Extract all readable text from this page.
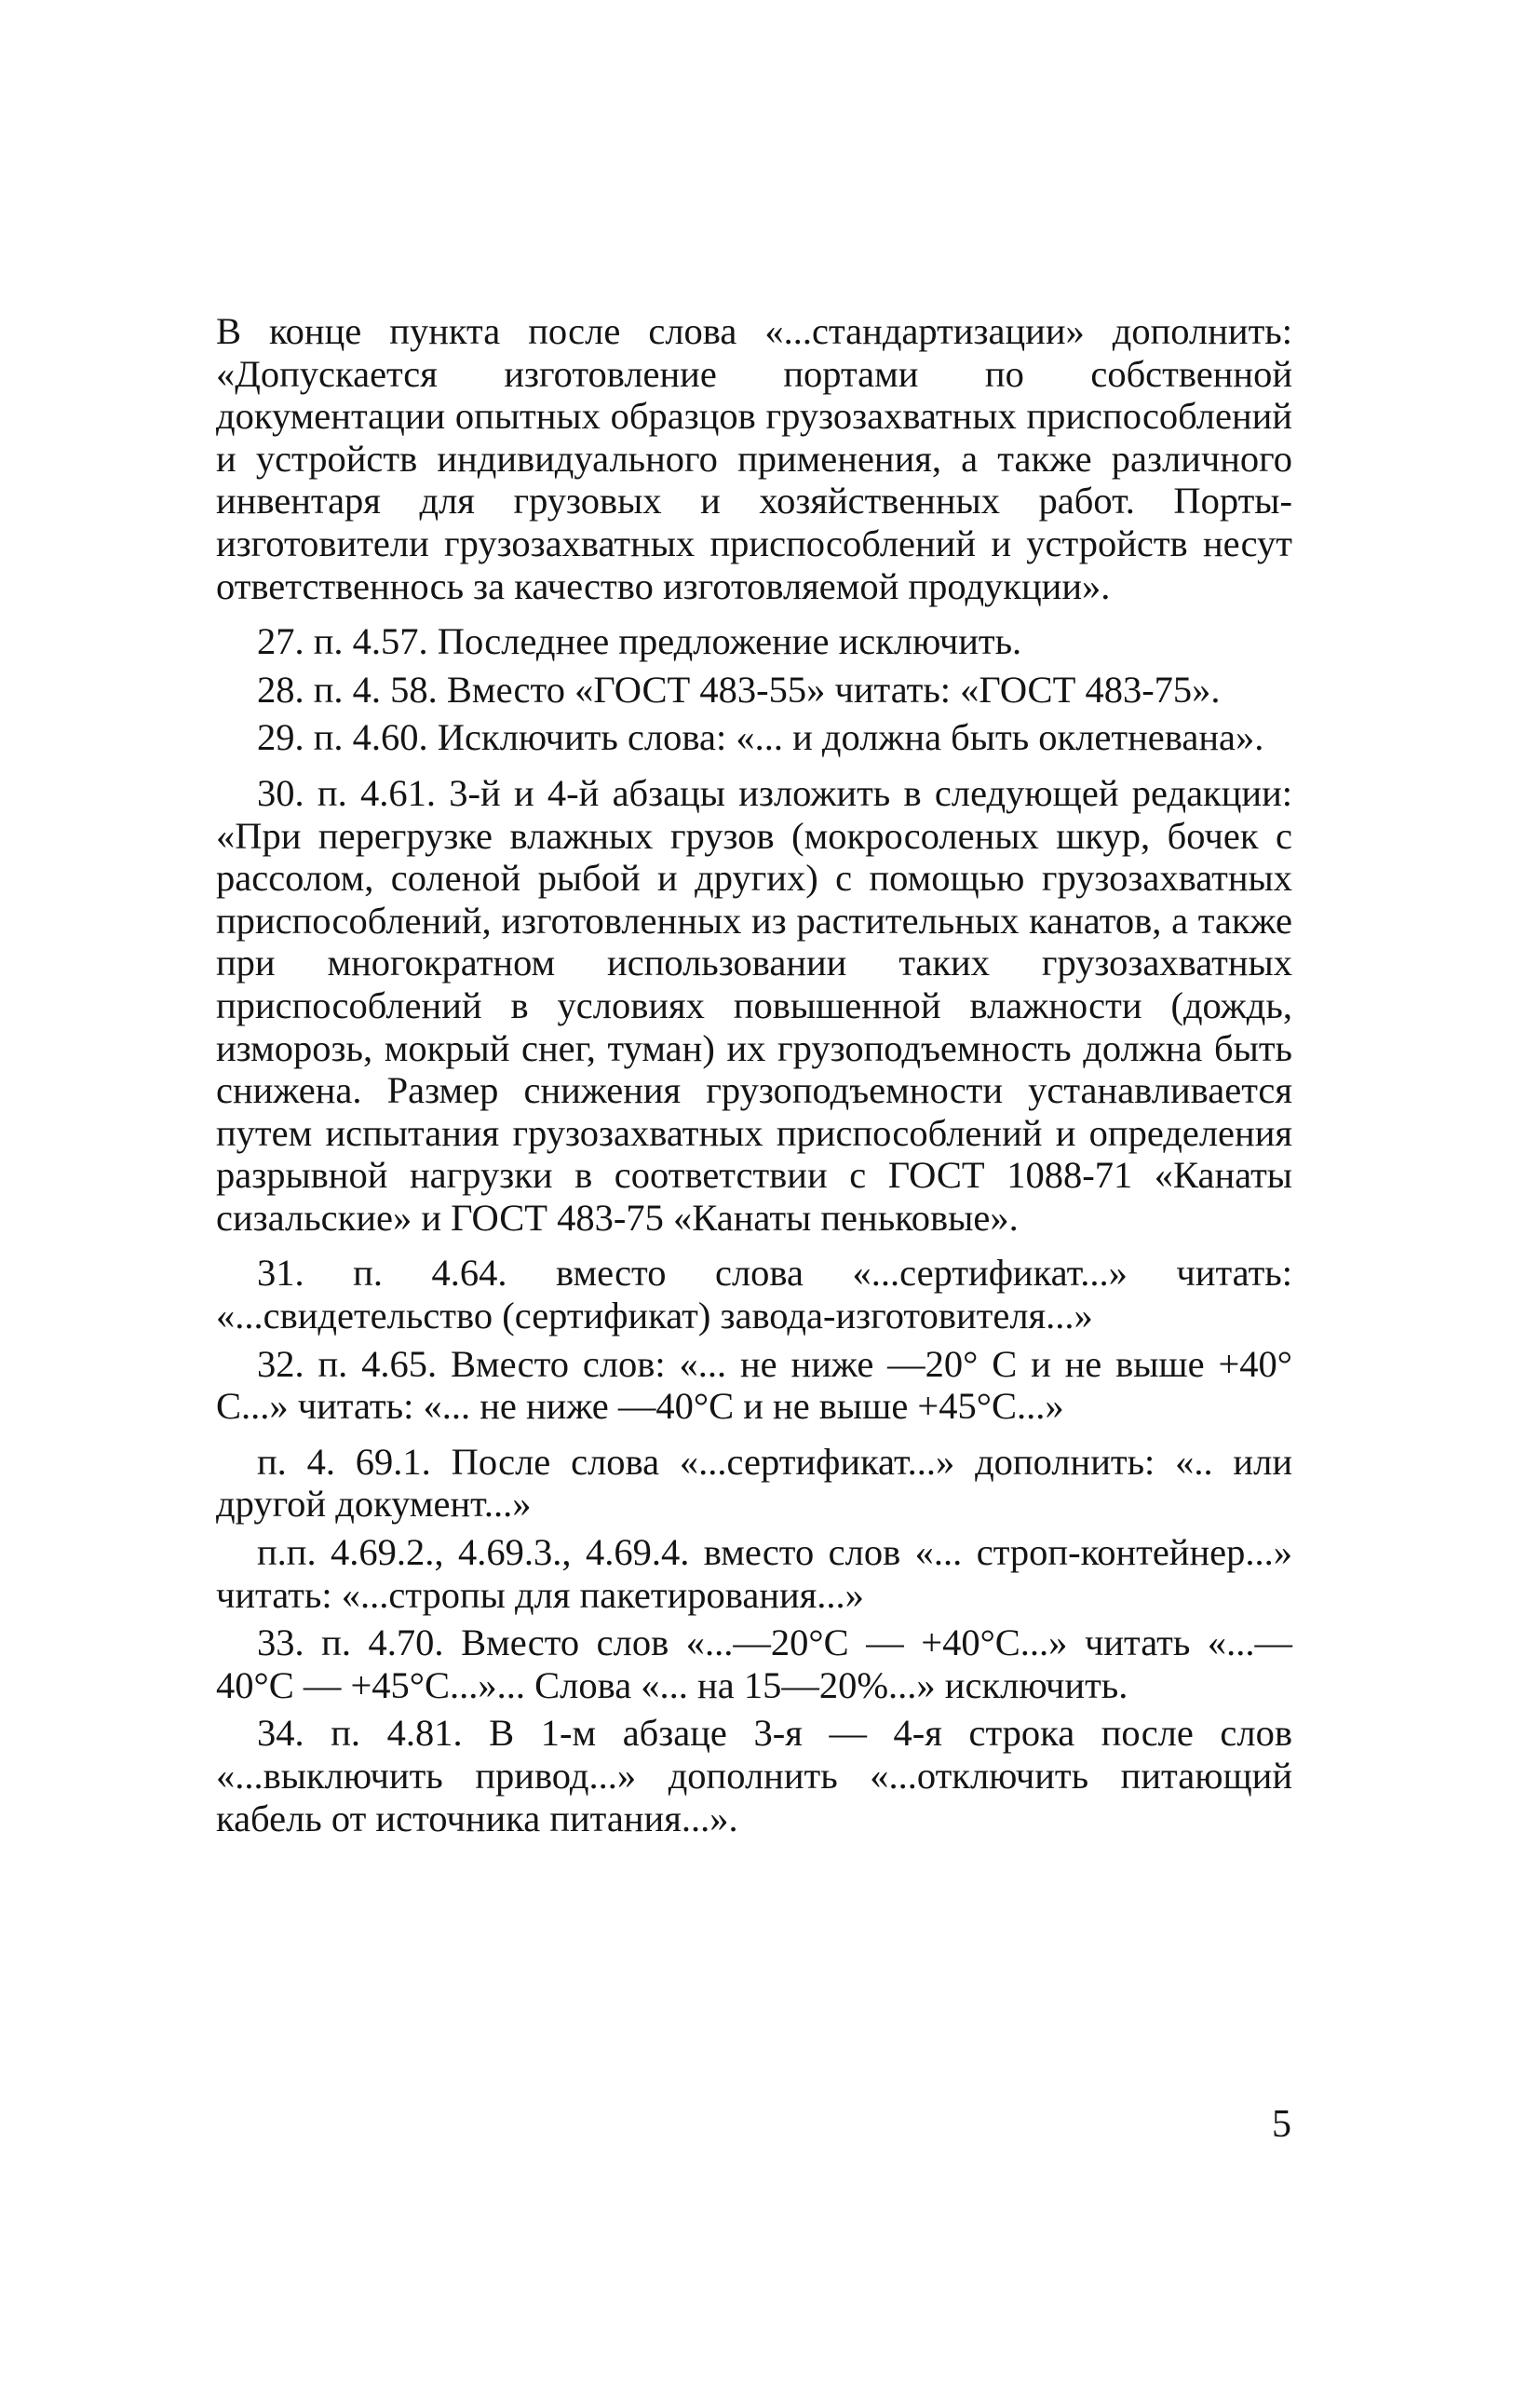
В конце пункта после слова «...стандартизации» дополнить: «Допускается изготовление портами по собственной документации опытных образцов грузозахватных приспособлений и устройств индивидуального применения, а также различного инвентаря для грузовых и хозяйственных работ. Порты-изготовители грузозахватных приспособлений и устройств несут ответственнось за качество изготовляемой продукции».

27. п. 4.57. Последнее предложение исключить.

28. п. 4. 58. Вместо «ГОСТ 483-55» читать: «ГОСТ 483-75».

29. п. 4.60. Исключить слова: «... и должна быть оклетневана».

30. п. 4.61. 3-й и 4-й абзацы изложить в следующей редакции: «При перегрузке влажных грузов (мокросоленых шкур, бочек с рассолом, соленой рыбой и других) с помощью грузозахватных приспособлений, изготовленных из растительных канатов, а также при многократном использовании таких грузозахватных приспособлений в условиях повышенной влажности (дождь, изморозь, мокрый снег, туман) их грузоподъемность должна быть снижена. Размер снижения грузоподъемности устанавливается путем испытания грузозахватных приспособлений и определения разрывной нагрузки в соответствии с ГОСТ 1088-71 «Канаты сизальские» и ГОСТ 483-75 «Канаты пеньковые».

31. п. 4.64. вместо слова «...сертификат...» читать: «...свидетельство (сертификат) завода-изготовителя...»

32. п. 4.65. Вместо слов: «... не ниже —20° С и не выше +40° С...» читать: «... не ниже —40°С и не выше +45°С...»

п. 4. 69.1. После слова «...сертификат...» дополнить: «.. или другой документ...»

п.п. 4.69.2., 4.69.3., 4.69.4. вместо слов «... строп-контейнер...» читать: «...стропы для пакетирования...»

33. п. 4.70. Вместо слов «...—20°С — +40°С...» читать «...—40°С — +45°С...»... Слова «... на 15—20%...» исключить.

34. п. 4.81. В 1-м абзаце 3-я — 4-я строка после слов «...выключить привод...» дополнить «...отключить питающий кабель от источника питания...».

5
